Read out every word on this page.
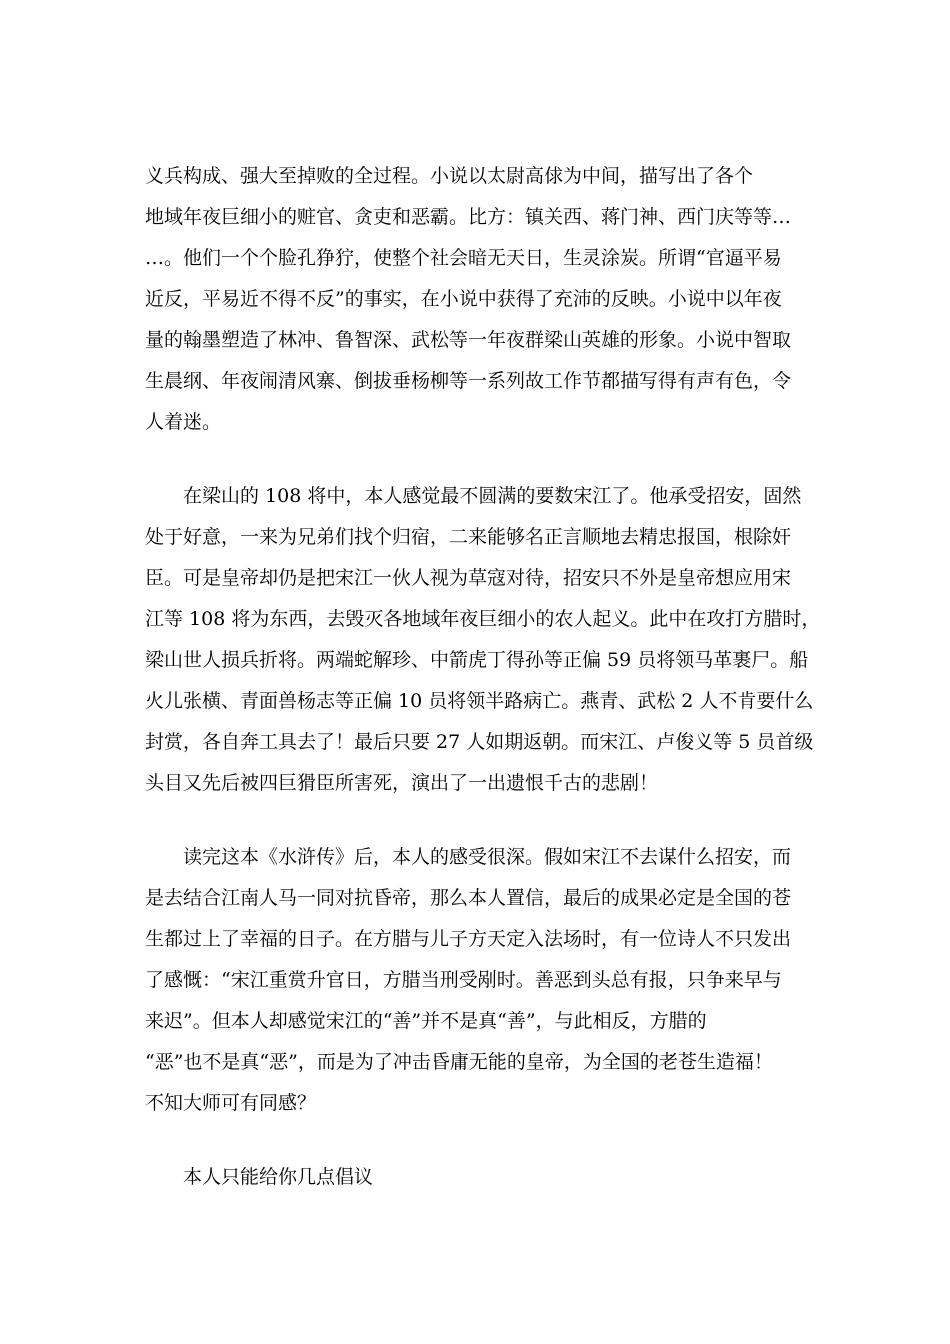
义兵构成、强大至掉败的全过程。小说以太尉高俅为中间，描写出了各个
地域年夜巨细小的赃官、贪吏和恶霸。比方：镇关西、蒋门神、西门庆等等…
…。他们一个个脸孔狰狞，使整个社会暗无天日，生灵涂炭。所谓“官逼平易
近反，平易近不得不反”的事实，在小说中获得了充沛的反映。小说中以年夜
量的翰墨塑造了林冲、鲁智深、武松等一年夜群梁山英雄的形象。小说中智取
生晨纲、年夜闹清风寨、倒拔垂杨柳等一系列故工作节都描写得有声有色，令
人着迷。

在梁山的 108 将中，本人感觉最不圆满的要数宋江了。他承受招安，固然
处于好意，一来为兄弟们找个归宿，二来能够名正言顺地去精忠报国，根除奸
臣。可是皇帝却仍是把宋江一伙人视为草寇对待，招安只不外是皇帝想应用宋
江等 108 将为东西，去毁灭各地域年夜巨细小的农人起义。此中在攻打方腊时，
梁山世人损兵折将。两端蛇解珍、中箭虎丁得孙等正偏 59 员将领马革裹尸。船
火儿张横、青面兽杨志等正偏 10 员将领半路病亡。燕青、武松 2 人不肯要什么
封赏，各自奔工具去了！最后只要 27 人如期返朝。而宋江、卢俊义等 5 员首级
头目又先后被四巨猾臣所害死，演出了一出遗恨千古的悲剧！

读完这本《水浒传》后，本人的感受很深。假如宋江不去谋什么招安，而
是去结合江南人马一同对抗昏帝，那么本人置信，最后的成果必定是全国的苍
生都过上了幸福的日子。在方腊与儿子方天定入法场时，有一位诗人不只发出
了感慨：“宋江重赏升官日，方腊当刑受剐时。善恶到头总有报，只争来早与
来迟”。但本人却感觉宋江的“善”并不是真“善”，与此相反，方腊的
“恶”也不是真“恶”，而是为了冲击昏庸无能的皇帝，为全国的老苍生造福！
不知大师可有同感？

本人只能给你几点倡议
